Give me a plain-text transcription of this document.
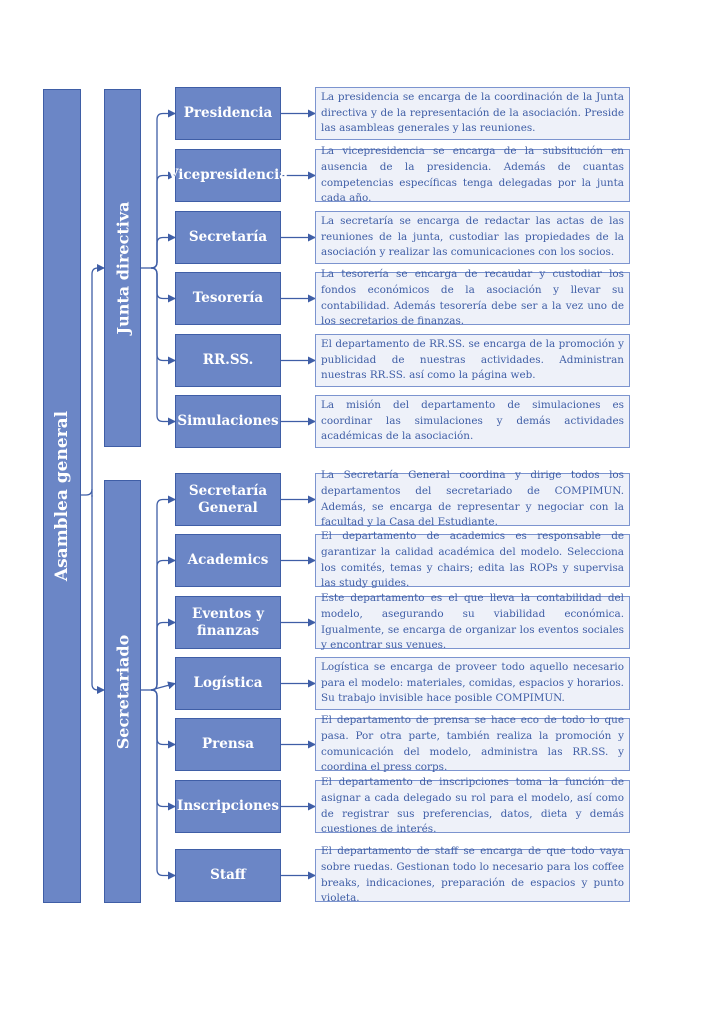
Asamblea general
Junta directiva
Secretariado
Presidencia
Vicepresidencia
Secretaría
Tesorería
RR.SS.
Simulaciones
Secretaría General
Academics
Eventos y finanzas
Logística
Prensa
Inscripciones
Staff
La presidencia se encarga de la coordinación de la Junta directiva y de la representación de la asociación. Preside las asambleas generales y las reuniones.
La vicepresidencia se encarga de la subsitución en ausencia de la presidencia. Además de cuantas competencias específicas tenga delegadas por la junta cada año.
La secretaría se encarga de redactar las actas de las reuniones de la junta, custodiar las propiedades de la asociación y realizar las comunicaciones con los socios.
La tesorería se encarga de recaudar y custodiar los fondos económicos de la asociación y llevar su contabilidad. Además tesorería debe ser a la vez uno de los secretarios de finanzas.
El departamento de RR.SS. se encarga de la promoción y publicidad de nuestras actividades. Administran nuestras RR.SS. así como la página web.
La misión del departamento de simulaciones es coordinar las simulaciones y demás actividades académicas de la asociación.
La Secretaría General coordina y dirige todos los departamentos del secretariado de COMPIMUN. Además, se encarga de representar y negociar con la facultad y la Casa del Estudiante.
El departamento de academics es responsable de garantizar la calidad académica del modelo. Selecciona los comités, temas y chairs; edita las ROPs y supervisa las study guides.
Este departamento es el que lleva la contabilidad del modelo, asegurando su viabilidad económica. Igualmente, se encarga de organizar los eventos sociales y encontrar sus venues.
Logística se encarga de proveer todo aquello necesario para el modelo: materiales, comidas, espacios y horarios. Su trabajo invisible hace posible COMPIMUN.
El departamento de prensa se hace eco de todo lo que pasa. Por otra parte, también realiza la promoción y comunicación del modelo, administra las RR.SS. y coordina el press corps.
El departamento de inscripciones toma la función de asignar a cada delegado su rol para el modelo, así como de registrar sus preferencias, datos, dieta y demás cuestiones de interés.
El departamento de staff se encarga de que todo vaya sobre ruedas. Gestionan todo lo necesario para los coffee breaks, indicaciones, preparación de espacios y punto violeta.
